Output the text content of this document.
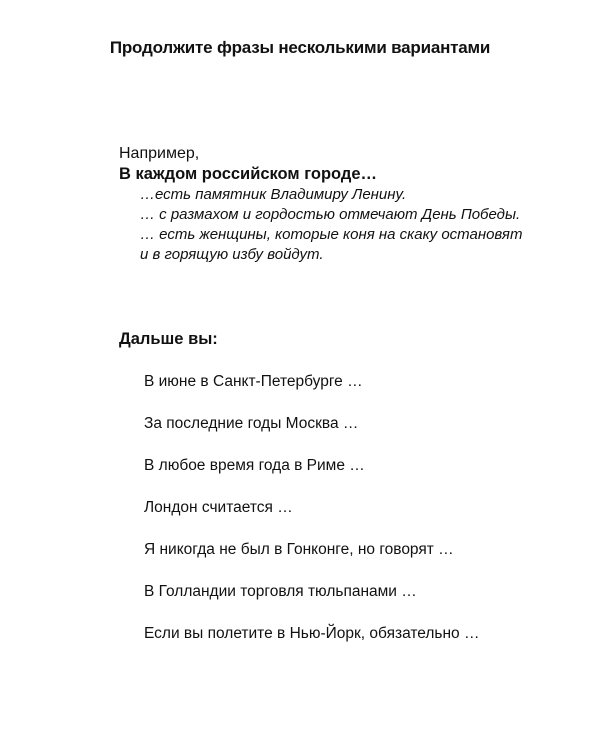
Продолжите фразы несколькими вариантами
Например,
В каждом российском городе…
…есть памятник Владимиру Ленину.
… с размахом и гордостью отмечают День Победы.
… есть женщины, которые коня на скаку остановят и в горящую избу войдут.
Дальше вы:
В июне в Санкт-Петербурге …
За последние годы Москва …
В любое время года в Риме …
Лондон считается …
Я никогда не был в Гонконге, но говорят …
В Голландии торговля тюльпанами …
Если вы полетите в Нью-Йорк, обязательно …
